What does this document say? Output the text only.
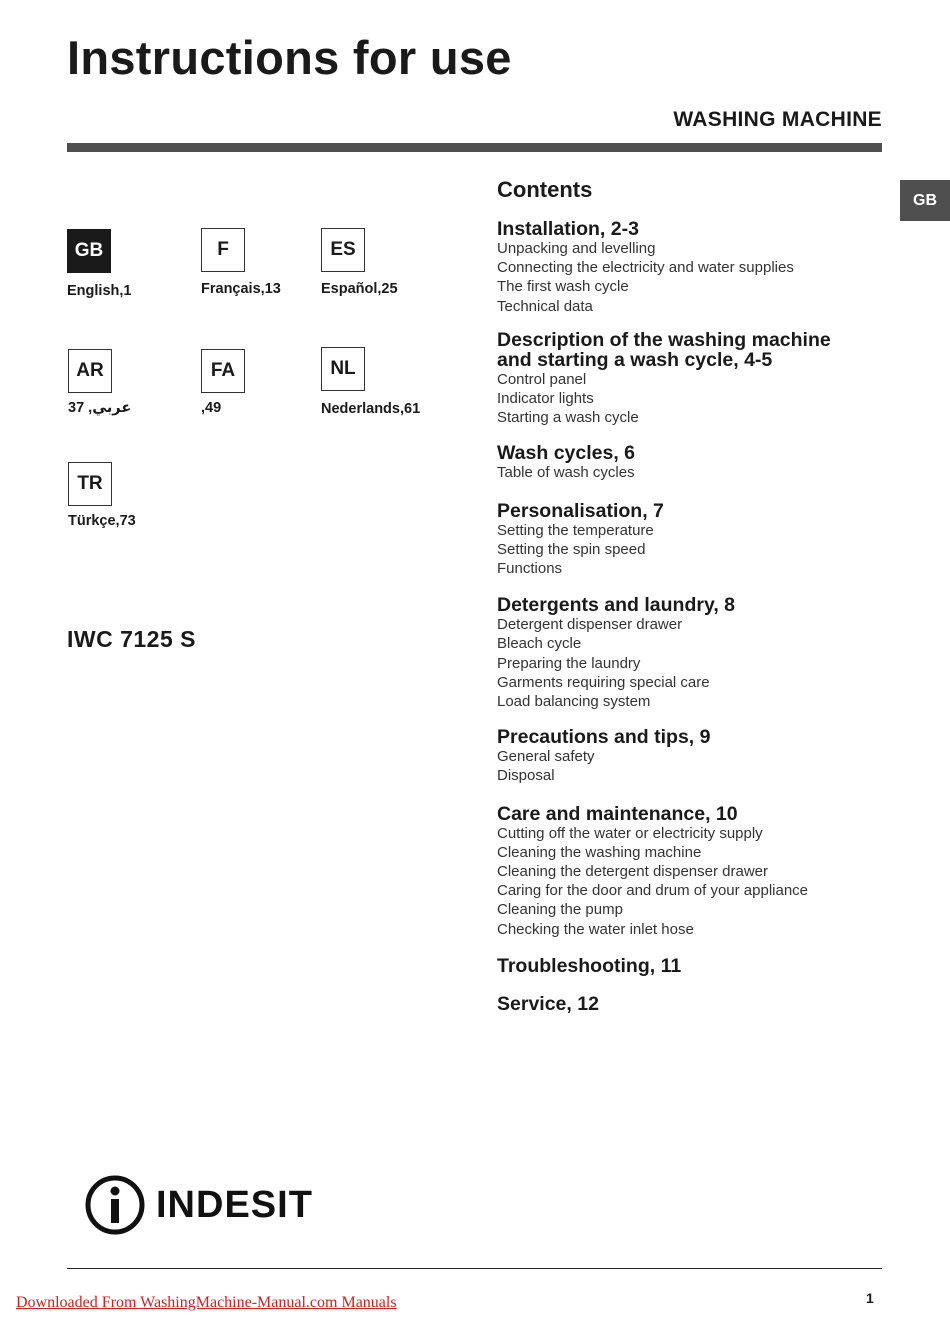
Instructions for use
WASHING MACHINE
GB
GB
English,1
F
Français,13
ES
Español,25
AR
عربي, 37
FA
,49
NL
Nederlands,61
TR
Türkçe,73
IWC 7125 S
Contents
Installation, 2-3
Unpacking and levelling
Connecting the electricity and water supplies
The first wash cycle
Technical data
Description of the washing machine and starting a wash cycle, 4-5
Control panel
Indicator lights
Starting a wash cycle
Wash cycles, 6
Table of wash cycles
Personalisation, 7
Setting the temperature
Setting the spin speed
Functions
Detergents and laundry, 8
Detergent dispenser drawer
Bleach cycle
Preparing the laundry
Garments requiring special care
Load balancing system
Precautions and tips, 9
General safety
Disposal
Care and maintenance, 10
Cutting off the water or electricity supply
Cleaning the washing machine
Cleaning the detergent dispenser drawer
Caring for the door and drum of your appliance
Cleaning the pump
Checking the water inlet hose
Troubleshooting, 11
Service, 12
INDESIT
Downloaded From WashingMachine-Manual.com Manuals	1
